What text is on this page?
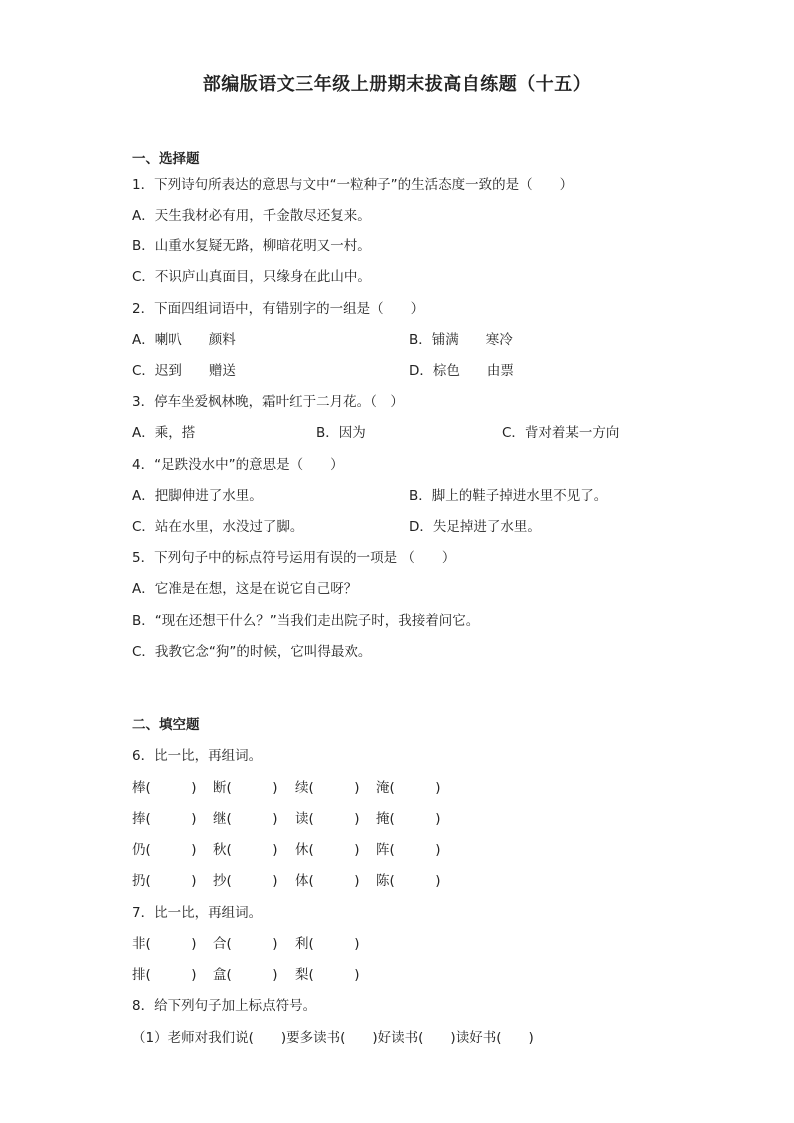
部编版语文三年级上册期末拔高自练题（十五）
一、选择题
1．下列诗句所表达的意思与文中“一粒种子”的生活态度一致的是（　　）
A．天生我材必有用，千金散尽还复来。
B．山重水复疑无路，柳暗花明又一村。
C．不识庐山真面目，只缘身在此山中。
2．下面四组词语中，有错别字的一组是（　　）
A．喇叭　　颜料	B．铺满　　寒冷
C．迟到　　赠送	D．棕色　　由票
3．停车坐爱枫林晚，霜叶红于二月花。（　）
A．乘，搭	B．因为	C．背对着某一方向
4．“足跌没水中”的意思是（　　）
A．把脚伸进了水里。	B．脚上的鞋子掉进水里不见了。
C．站在水里，水没过了脚。	D．失足掉进了水里。
5．下列句子中的标点符号运用有误的一项是 （　　）
A．它准是在想，这是在说它自己呀？
B．“现在还想干什么？”当我们走出院子时，我接着问它。
C．我教它念“狗”的时候，它叫得最欢。
二、填空题
6．比一比，再组词。
棒(　　　) 断(　　　) 续(　　　) 淹(　　　)
捧(　　　) 继(　　　) 读(　　　) 掩(　　　)
仍(　　　) 秋(　　　) 休(　　　) 阵(　　　)
扔(　　　) 抄(　　　) 体(　　　) 陈(　　　)
7．比一比，再组词。
非(　　　) 合(　　　) 利(　　　)
排(　　　) 盒(　　　) 梨(　　　)
8．给下列句子加上标点符号。
（1）老师对我们说(　　)要多读书(　　)好读书(　　)读好书(　　)
